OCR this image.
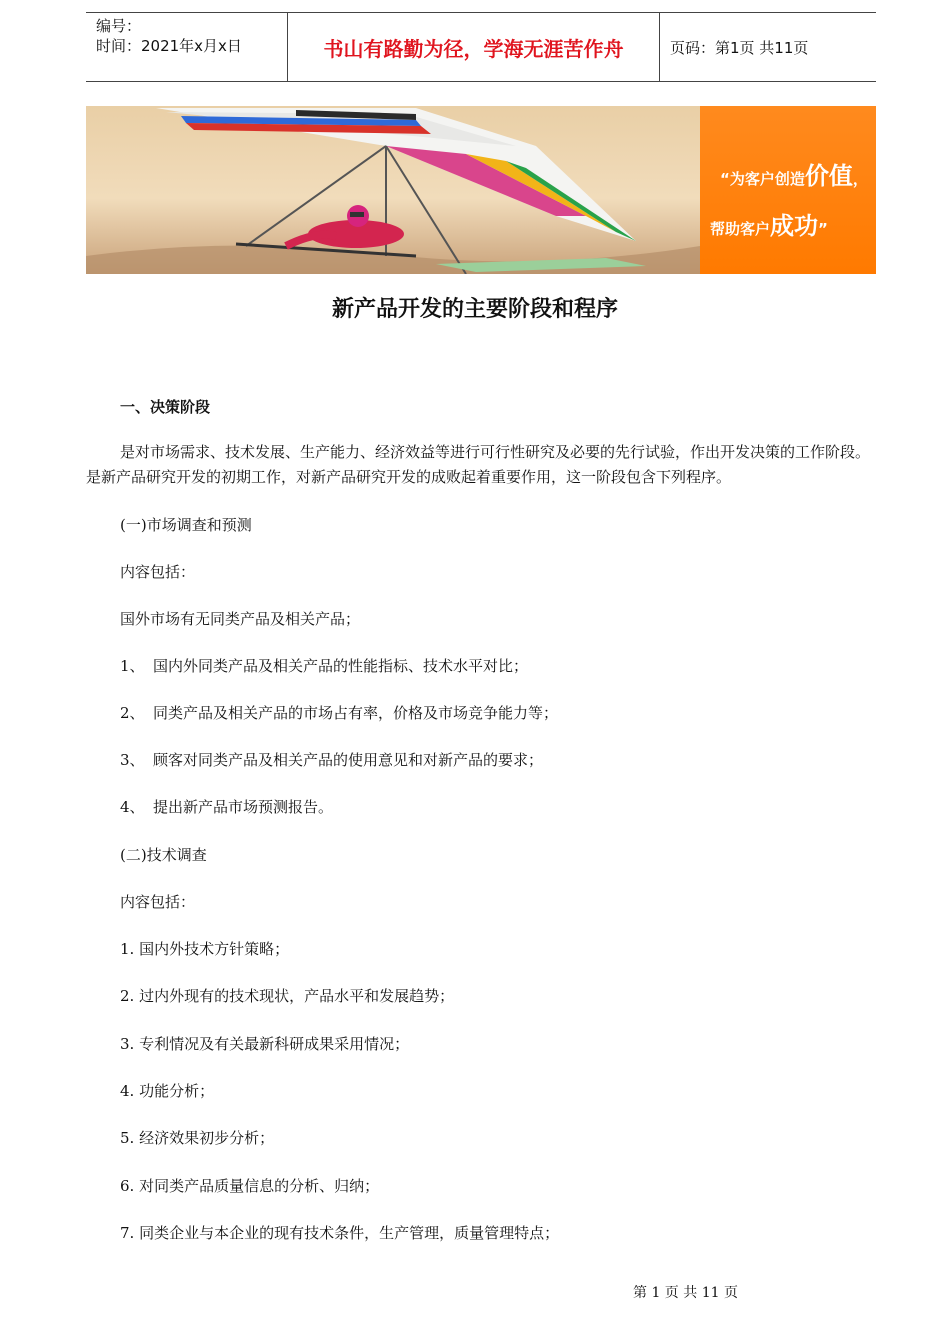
编号：
时间：2021年x月x日	书山有路勤为径，学海无涯苦作舟	页码：第1页 共11页
“为客户创造价值，
帮助客户成功”
新产品开发的主要阶段和程序
一、决策阶段
是对市场需求、技术发展、生产能力、经济效益等进行可行性研究及必要的先行试验，作出开发决策的工作阶段。是新产品研究开发的初期工作，对新产品研究开发的成败起着重要作用，这一阶段包含下列程序。
(一)市场调查和预测
内容包括：
国外市场有无同类产品及相关产品；
1、 国内外同类产品及相关产品的性能指标、技术水平对比；
2、 同类产品及相关产品的市场占有率，价格及市场竞争能力等；
3、 顾客对同类产品及相关产品的使用意见和对新产品的要求；
4、 提出新产品市场预测报告。
(二)技术调查
内容包括：
1. 国内外技术方针策略；
2. 过内外现有的技术现状，产品水平和发展趋势；
3. 专利情况及有关最新科研成果采用情况；
4. 功能分析；
5. 经济效果初步分析；
6. 对同类产品质量信息的分析、归纳；
7. 同类企业与本企业的现有技术条件，生产管理，质量管理特点；
第 1 页 共 11 页
